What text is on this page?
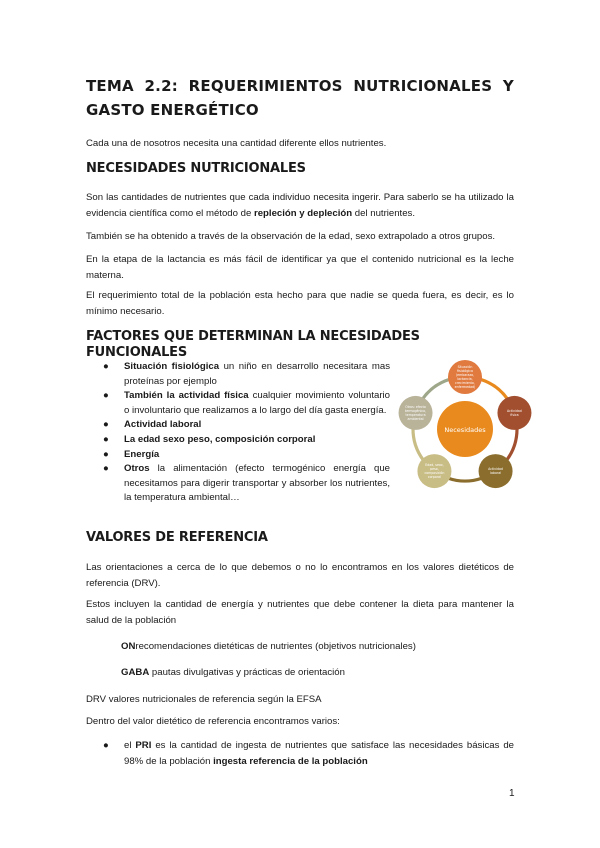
TEMA 2.2: REQUERIMIENTOS NUTRICIONALES Y GASTO ENERGÉTICO
Cada una de nosotros necesita una cantidad diferente ellos nutrientes.
NECESIDADES NUTRICIONALES
Son las cantidades de nutrientes que cada individuo necesita ingerir. Para saberlo se ha utilizado la evidencia científica como el método de repleción y depleción del nutrientes.
También se ha obtenido a través de la observación de la edad, sexo extrapolado a otros grupos.
En la etapa de la lactancia es más fácil de identificar ya que el contenido nutricional es la leche materna.
El requerimiento total de la población esta hecho para que nadie se queda fuera, es decir, es lo mínimo necesario.
FACTORES QUE DETERMINAN LA NECESIDADES FUNCIONALES
● Situación fisiológica un niño en desarrollo necesitara mas proteínas por ejemplo
● También la actividad física cualquier movimiento voluntario o involuntario que realizamos a lo largo del día gasta energía.
● Actividad laboral
● La edad sexo peso, composición corporal
● Energía
● Otros la alimentación (efecto termogénico energía que necesitamos para digerir transportar y absorber los nutrientes, la temperatura ambiental…
VALORES DE REFERENCIA
Las orientaciones a cerca de lo que debemos o no lo encontramos en los valores dietéticos de referencia (DRV).
Estos incluyen la cantidad de energía y nutrientes que debe contener la dieta para mantener la salud de la población
ONrecomendaciones dietéticas de nutrientes (objetivos nutricionales)
GABA pautas divulgativas y prácticas de orientación
DRV valores nutricionales de referencia según la EFSA
Dentro del valor dietético de referencia encontramos varios:
● el PRI es la cantidad de ingesta de nutrientes que satisface las necesidades básicas de 98% de la población ingesta referencia de la población
Necesidades
Situación fisiológica (embarazo, lactancia, crecimiento, enfermedad)
Actividad física
Actividad laboral
Edad, sexo, peso, composición corporal
Otros: efecto termogénico, temperatura ambiental
1
